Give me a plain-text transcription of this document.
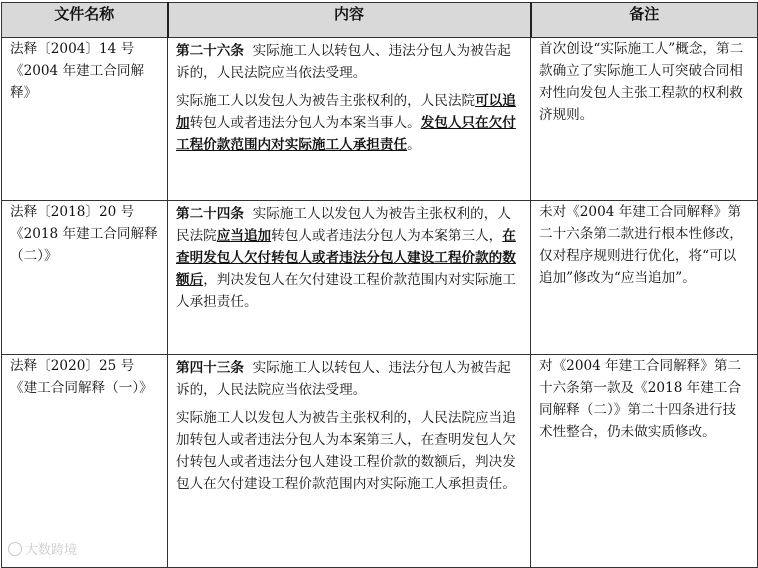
文件名称	内容	备注
法释〔2004〕14 号《2004 年建工合同解释》	第二十六条 实际施工人以转包人、违法分包人为被告起诉的，人民法院应当依法受理。

实际施工人以发包人为被告主张权利的，人民法院可以追加转包人或者违法分包人为本案当事人。发包人只在欠付工程价款范围内对实际施工人承担责任。	首次创设“实际施工人”概念，第二款确立了实际施工人可突破合同相对性向发包人主张工程款的权利救济规则。
法释〔2018〕20 号《2018 年建工合同解释（二）》	第二十四条 实际施工人以发包人为被告主张权利的，人民法院应当追加转包人或者违法分包人为本案第三人，在查明发包人欠付转包人或者违法分包人建设工程价款的数额后，判决发包人在欠付建设工程价款范围内对实际施工人承担责任。	未对《2004 年建工合同解释》第二十六条第二款进行根本性修改，仅对程序规则进行优化，将“可以追加”修改为“应当追加”。
法释〔2020〕25 号《建工合同解释（一）》	第四十三条 实际施工人以转包人、违法分包人为被告起诉的，人民法院应当依法受理。

实际施工人以发包人为被告主张权利的，人民法院应当追加转包人或者违法分包人为本案第三人，在查明发包人欠付转包人或者违法分包人建设工程价款的数额后，判决发包人在欠付建设工程价款范围内对实际施工人承担责任。	对《2004 年建工合同解释》第二十六条第一款及《2018 年建工合同解释（二）》第二十四条进行技术性整合，仍未做实质修改。
大数跨境
